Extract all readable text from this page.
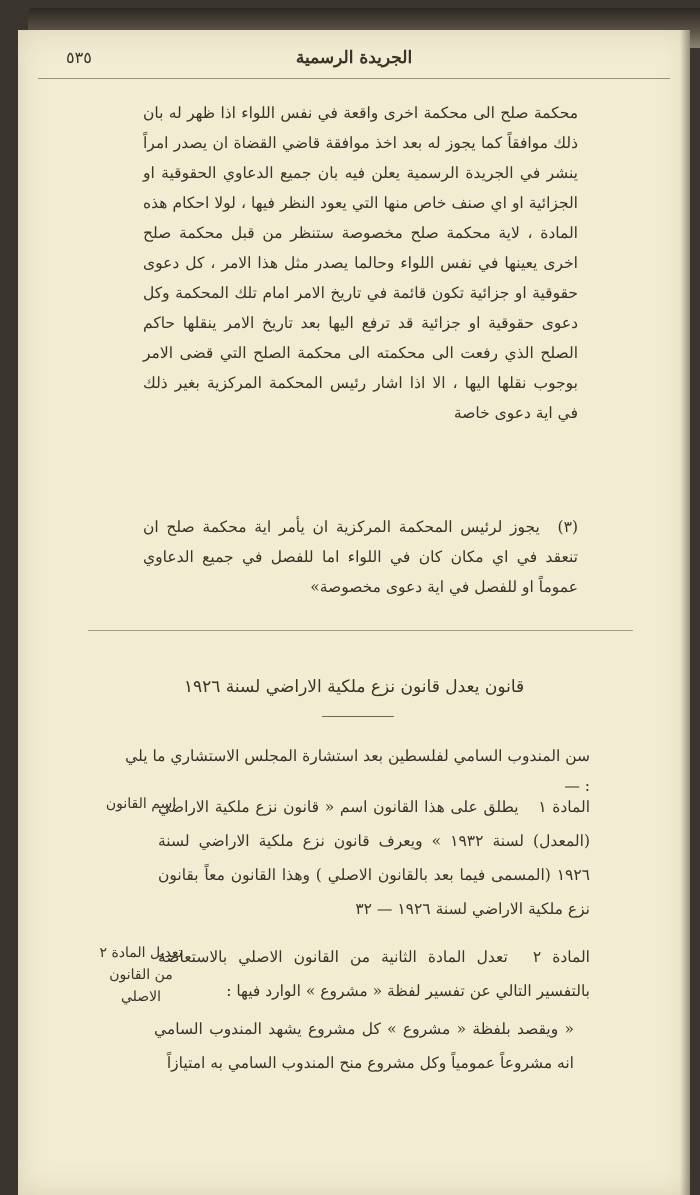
الجريدة الرسمية
٥٣٥
محكمة صلح الى محكمة اخرى واقعة في نفس اللواء اذا ظهر له بان ذلك موافقاً كما يجوز له بعد اخذ موافقة قاضي القضاة ان يصدر امراً ينشر في الجريدة الرسمية يعلن فيه بان جميع الدعاوي الحقوقية او الجزائية او اي صنف خاص منها التي يعود النظر فيها ، لولا احكام هذه المادة ، لاية محكمة صلح مخصوصة ستنظر من قبل محكمة صلح اخرى يعينها في نفس اللواء وحالما يصدر مثل هذا الامر ، كل دعوى حقوقية او جزائية تكون قائمة في تاريخ الامر امام تلك المحكمة وكل دعوى حقوقية او جزائية قد ترفع اليها بعد تاريخ الامر ينقلها حاكم الصلح الذي رفعت الى محكمته الى محكمة الصلح التي قضى الامر بوجوب نقلها اليها ، الا اذا اشار رئيس المحكمة المركزية بغير ذلك في اية دعوى خاصة
(٣) يجوز لرئيس المحكمة المركزية ان يأمر اية محكمة صلح ان تنعقد في اي مكان كان في اللواء اما للفصل في جميع الدعاوي عموماً او للفصل في اية دعوى مخصوصة»
قانون يعدل قانون نزع ملكية الاراضي لسنة ١٩٢٦
سن المندوب السامي لفلسطين بعد استشارة المجلس الاستشاري ما يلي : —
اسم القانون	المادة ١ يطلق على هذا القانون اسم « قانون نزع ملكية الاراضي (المعدل) لسنة ١٩٣٢ » ويعرف قانون نزع ملكية الاراضي لسنة ١٩٢٦ (المسمى فيما بعد بالقانون الاصلي ) وهذا القانون معاً بقانون نزع ملكية الاراضي لسنة ١٩٢٦ — ٣٢
تعديل المادة ٢ من القانون الاصلي
المادة ٢ تعدل المادة الثانية من القانون الاصلي بالاستعاضة بالتفسير التالي عن تفسير لفظة « مشروع » الوارد فيها :
« ويقصد بلفظة « مشروع » كل مشروع يشهد المندوب السامي انه مشروعاً عمومياً وكل مشروع منح المندوب السامي به امتيازاً
